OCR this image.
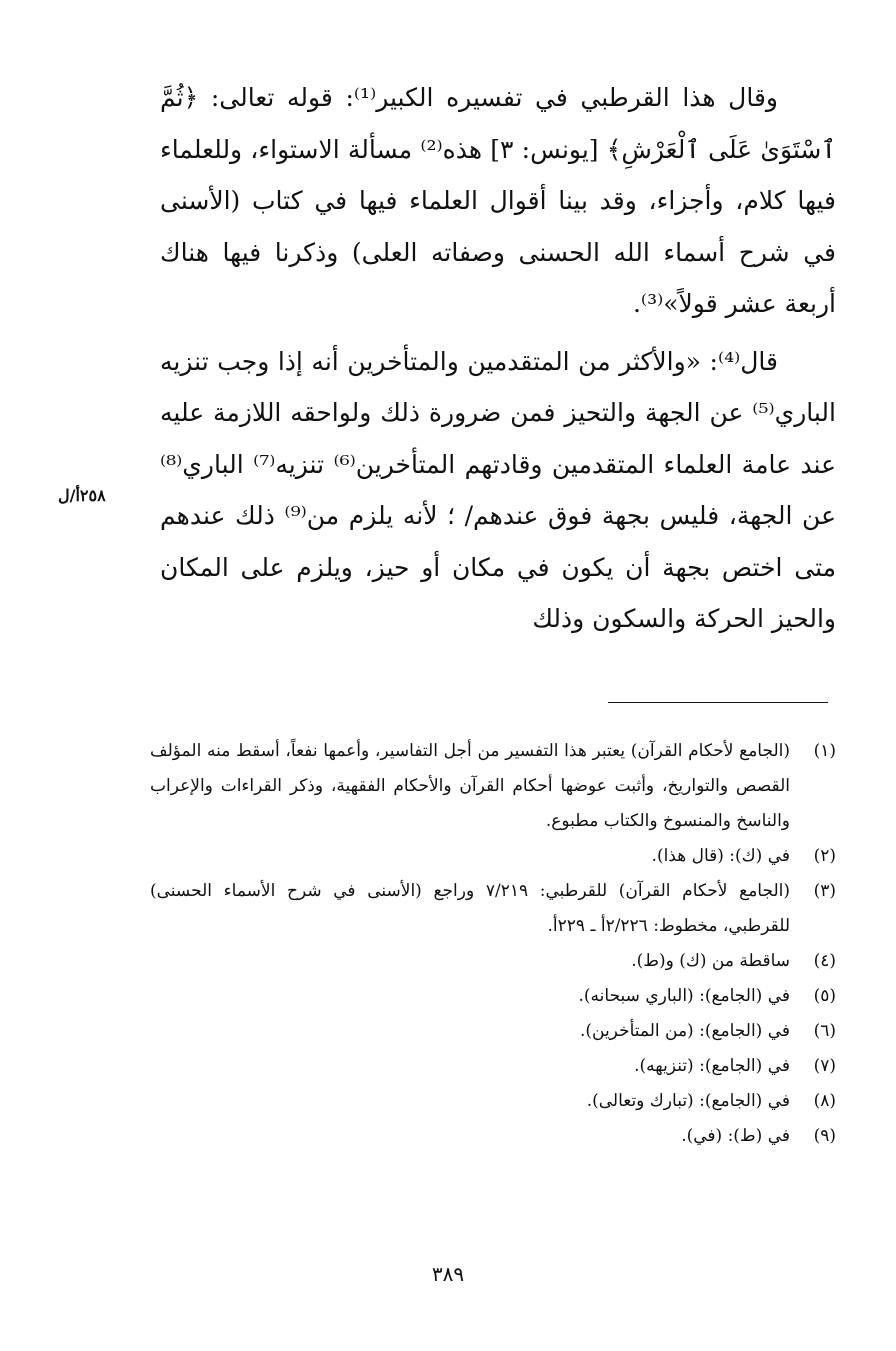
وقال هذا القرطبي في تفسيره الكبير⁽¹⁾: قوله تعالى: ﴿ثُمَّ ٱسْتَوَىٰ عَلَى ٱلْعَرْشِ﴾ [يونس: ٣] هذه⁽²⁾ مسألة الاستواء، وللعلماء فيها كلام، وأجزاء، وقد بينا أقوال العلماء فيها في كتاب (الأسنى في شرح أسماء الله الحسنى وصفاته العلى) وذكرنا فيها هناك أربعة عشر قولاً»⁽³⁾.

قال⁽⁴⁾: «والأكثر من المتقدمين والمتأخرين أنه إذا وجب تنزيه الباري⁽⁵⁾ عن الجهة والتحيز فمن ضرورة ذلك ولواحقه اللازمة عليه عند عامة العلماء المتقدمين وقادتهم المتأخرين⁽⁶⁾ تنزيه⁽⁷⁾ الباري⁽⁸⁾ عن الجهة، فليس بجهة فوق عندهم/ ؛ لأنه يلزم من⁽⁹⁾ ذلك عندهم متى اختص بجهة أن يكون في مكان أو حيز، ويلزم على المكان والحيز الحركة والسكون وذلك

٢٥٨أ/ل
(١)
(الجامع لأحكام القرآن) يعتبر هذا التفسير من أجل التفاسير، وأعمها نفعاً، أسقط منه المؤلف القصص والتواريخ، وأثبت عوضها أحكام القرآن والأحكام الفقهية، وذكر القراءات والإعراب والناسخ والمنسوخ والكتاب مطبوع.
(٢)
في (ك): (قال هذا).
(٣)
(الجامع لأحكام القرآن) للقرطبي: ٧/٢١٩ وراجع (الأسنى في شرح الأسماء الحسنى) للقرطبي، مخطوط: ٢/٢٢٦أ ـ ٢٢٩أ.
(٤)
ساقطة من (ك) و(ط).
(٥)
في (الجامع): (الباري سبحانه).
(٦)
في (الجامع): (من المتأخرين).
(٧)
في (الجامع): (تنزيهه).
(٨)
في (الجامع): (تبارك وتعالى).
(٩)
في (ط): (في).
٣٨٩
